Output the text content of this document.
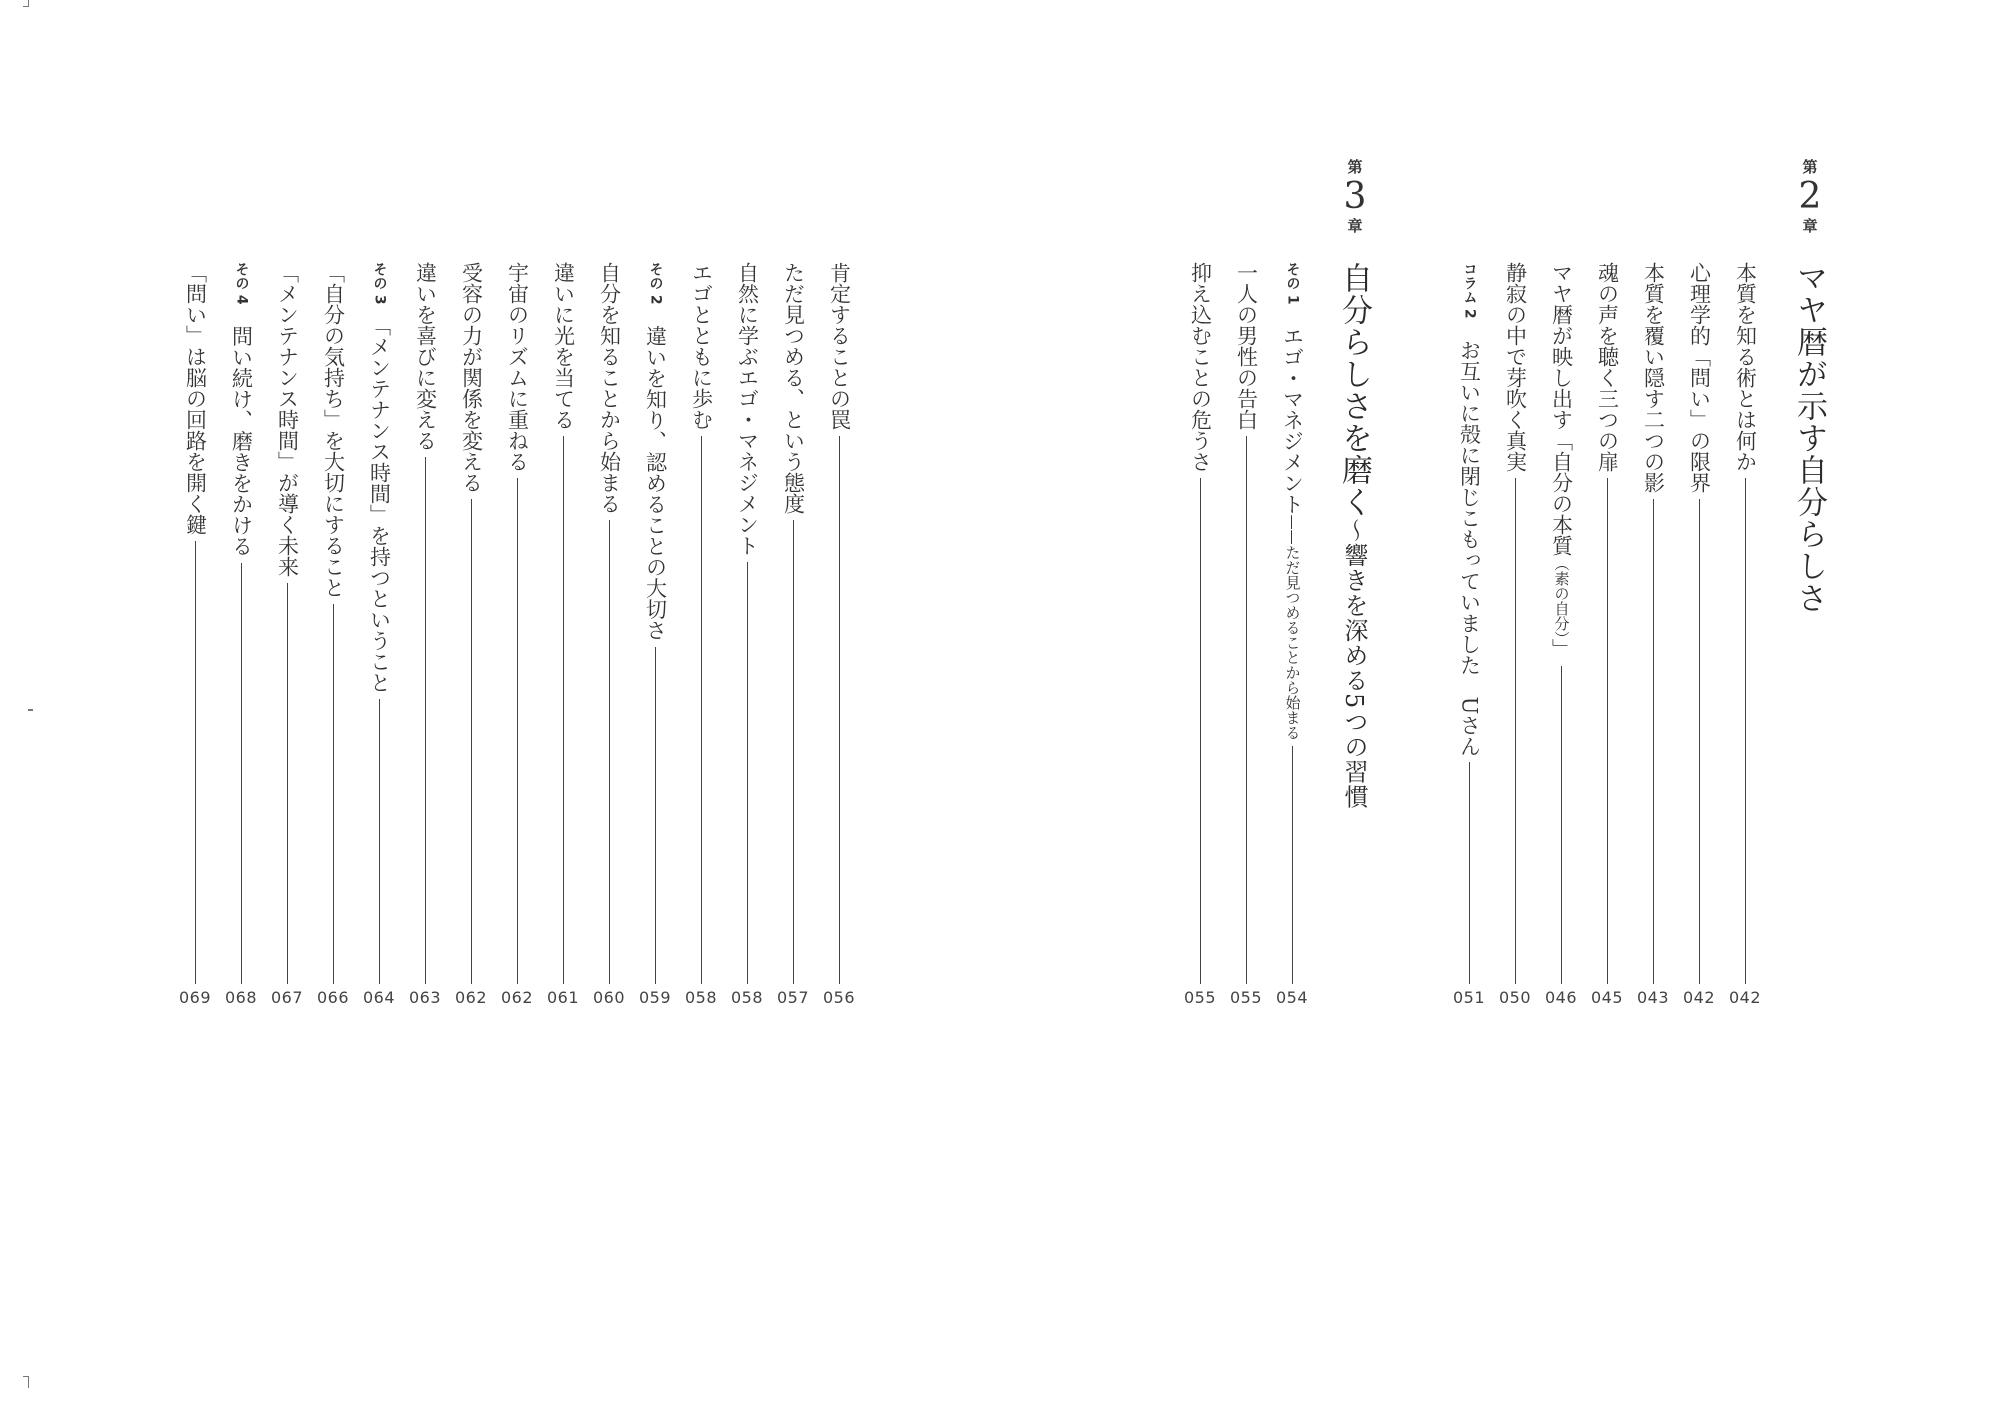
第
2
章
マヤ暦が示す自分らしさ
本質を知る術とは何か
042
心理学的「問い」の限界
042
本質を覆い隠す二つの影
043
魂の声を聴く三つの扉
045
マヤ暦が映し出す「自分の本質（素の自分）」
046
静寂の中で芽吹く真実
050
コラム 2　お互いに殻に閉じこもっていました　Uさん
051
第
3
章
自分らしさを磨く〜響きを深める5つの習慣
その 1　エゴ・マネジメント——ただ見つめることから始まる
054
一人の男性の告白
055
抑え込むことの危うさ
055
肯定することの罠
056
ただ見つめる、という態度
057
自然に学ぶエゴ・マネジメント
058
エゴとともに歩む
058
その 2　違いを知り、認めることの大切さ
059
自分を知ることから始まる
060
違いに光を当てる
061
宇宙のリズムに重ねる
062
受容の力が関係を変える
062
違いを喜びに変える
063
その 3　「メンテナンス時間」を持つということ
064
「自分の気持ち」を大切にすること
066
「メンテナンス時間」が導く未来
067
その 4　問い続け、磨きをかける
068
「問い」は脳の回路を開く鍵
069
